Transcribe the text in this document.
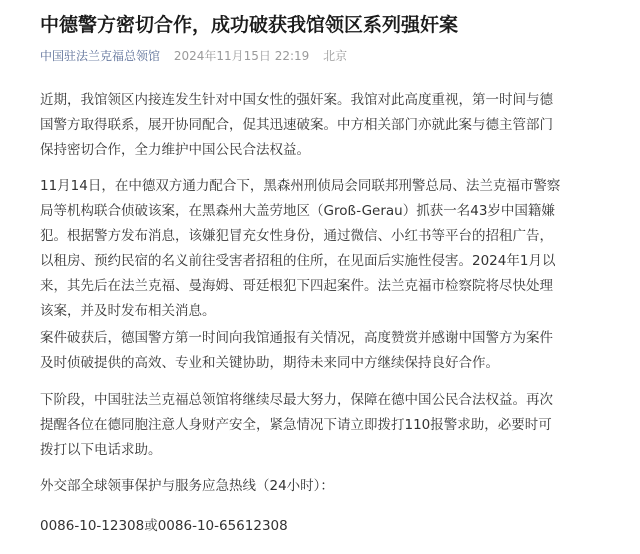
中德警方密切合作，成功破获我馆领区系列强奸案
中国驻法兰克福总领馆 2024年11月15日 22:19 北京
近期，我馆领区内接连发生针对中国女性的强奸案。我馆对此高度重视，第一时间与德
国警方取得联系，展开协同配合，促其迅速破案。中方相关部门亦就此案与德主管部门
保持密切合作，全力维护中国公民合法权益。
11月14日，在中德双方通力配合下，黑森州刑侦局会同联邦刑警总局、法兰克福市警察
局等机构联合侦破该案，在黑森州大盖劳地区（Groß-Gerau）抓获一名43岁中国籍嫌
犯。根据警方发布消息，该嫌犯冒充女性身份，通过微信、小红书等平台的招租广告，
以租房、预约民宿的名义前往受害者招租的住所，在见面后实施性侵害。2024年1月以
来，其先后在法兰克福、曼海姆、哥廷根犯下四起案件。法兰克福市检察院将尽快处理
该案，并及时发布相关消息。
案件破获后，德国警方第一时间向我馆通报有关情况，高度赞赏并感谢中国警方为案件
及时侦破提供的高效、专业和关键协助，期待未来同中方继续保持良好合作。
下阶段，中国驻法兰克福总领馆将继续尽最大努力，保障在德中国公民合法权益。再次
提醒各位在德同胞注意人身财产安全，紧急情况下请立即拨打110报警求助，必要时可
拨打以下电话求助。
外交部全球领事保护与服务应急热线（24小时）：
0086-10-12308或0086-10-65612308
